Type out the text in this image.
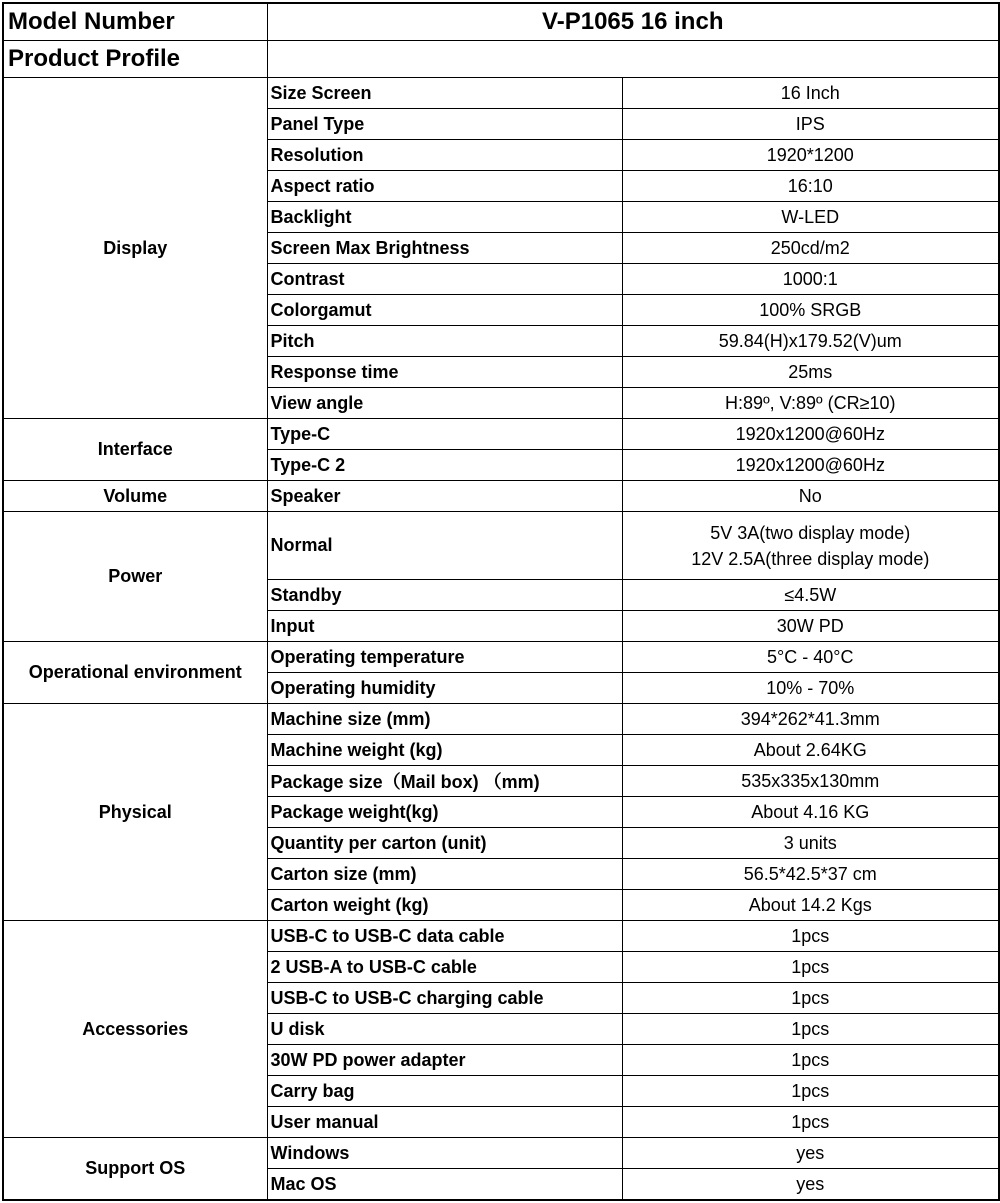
Model Number	V-P1065 16 inch	
Product Profile		
Display	Size Screen	16 Inch
	Panel Type	IPS
	Resolution	1920*1200
	Aspect ratio	16:10
	Backlight	W-LED
	Screen Max Brightness	250cd/m2
	Contrast	1000:1
	Colorgamut	100% SRGB
	Pitch	59.84(H)x179.52(V)um
	Response time	25ms
	View angle	H:89º, V:89º (CR≥10)
Interface	Type-C	1920x1200@60Hz
	Type-C 2	1920x1200@60Hz
Volume	Speaker	No
Power	Normal	5V 3A(two display mode)
12V 2.5A(three display mode)

	Standby	≤4.5W
	Input	30W PD
Operational environment	Operating temperature	5°C - 40°C
	Operating humidity	10% - 70%
Physical	Machine size (mm)	394*262*41.3mm
	Machine weight (kg)	About 2.64KG
	Package size（Mail box) （mm)	535x335x130mm
	Package weight(kg)	About 4.16 KG
	Quantity per carton (unit)	3 units
	Carton size (mm)	56.5*42.5*37 cm
	Carton weight (kg)	About 14.2 Kgs
Accessories	USB-C to USB-C data cable	1pcs
	2 USB-A to USB-C cable	1pcs
	USB-C to USB-C charging cable	1pcs
	U disk	1pcs
	30W PD power adapter	1pcs
	Carry bag	1pcs
	User manual	1pcs
Support OS	Windows	yes
	Mac OS	yes
